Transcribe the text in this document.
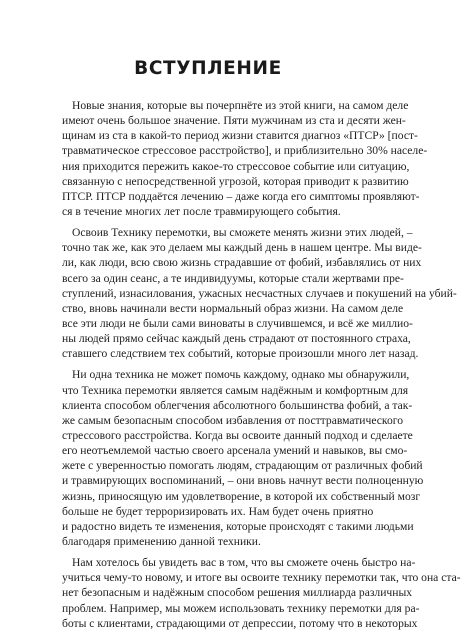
ВСТУПЛЕНИЕ
Новые знания, которые вы почерпнёте из этой книги, на самом деле
имеют очень большое значение. Пяти мужчинам из ста и десяти жен-
щинам из ста в какой-то период жизни ставится диагноз «ПТСР» [пост-
травматическое стрессовое расстройство], и приблизительно 30% населе-
ния приходится пережить какое-то стрессовое событие или ситуацию,
связанную с непосредственной угрозой, которая приводит к развитию
ПТСР. ПТСР поддаётся лечению – даже когда его симптомы проявляют-
ся в течение многих лет после травмирующего события.
Освоив Технику перемотки, вы сможете менять жизни этих людей, –
точно так же, как это делаем мы каждый день в нашем центре. Мы виде-
ли, как люди, всю свою жизнь страдавшие от фобий, избавлялись от них
всего за один сеанс, а те индивидуумы, которые стали жертвами пре-
ступлений, изнасилования, ужасных несчастных случаев и покушений на убий-
ство, вновь начинали вести нормальный образ жизни. На самом деле
все эти люди не были сами виноваты в случившемся, и всё же миллио-
ны людей прямо сейчас каждый день страдают от постоянного страха,
ставшего следствием тех событий, которые произошли много лет назад.
Ни одна техника не может помочь каждому, однако мы обнаружили,
что Техника перемотки является самым надёжным и комфортным для
клиента способом облегчения абсолютного большинства фобий, а так-
же самым безопасным способом избавления от посттравматического
стрессового расстройства. Когда вы освоите данный подход и сделаете
его неотъемлемой частью своего арсенала умений и навыков, вы смо-
жете с уверенностью помогать людям, страдающим от различных фобий
и травмирующих воспоминаний, – они вновь начнут вести полноценную
жизнь, приносящую им удовлетворение, в которой их собственный мозг
больше не будет терроризировать их. Нам будет очень приятно
и радостно видеть те изменения, которые происходят с такими людьми
благодаря применению данной техники.
Нам хотелось бы увидеть вас в том, что вы сможете очень быстро на-
учиться чему-то новому, и итоге вы освоите технику перемотки так, что она ста-
нет безопасным и надёжным способом решения миллиарда различных
проблем. Например, мы можем использовать технику перемотки для ра-
боты с клиентами, страдающими от депрессии, потому что в некоторых
